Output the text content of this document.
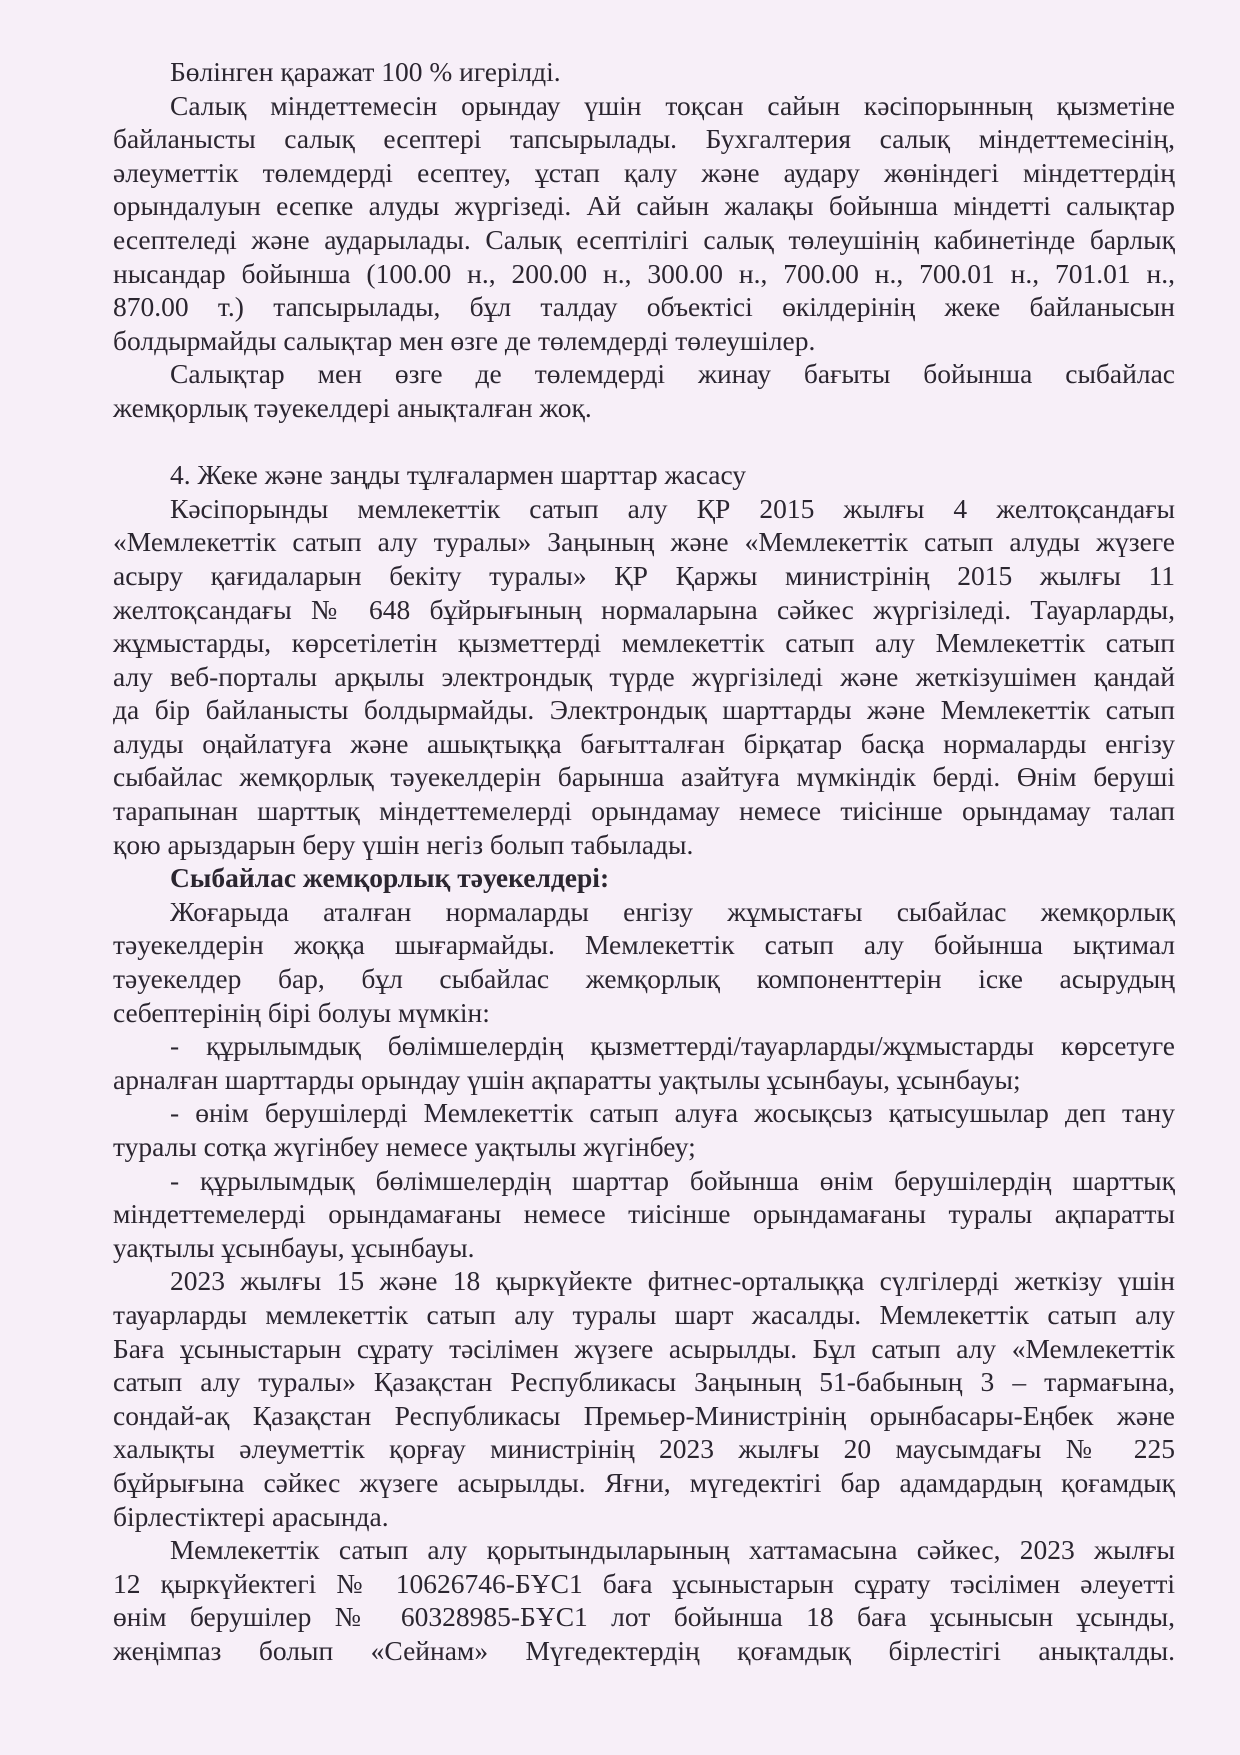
Бөлінген қаражат 100 % игерілді.
Салық міндеттемесін орындау үшін тоқсан сайын кәсіпорынның қызметіне
байланысты салық есептері тапсырылады. Бухгалтерия салық міндеттемесінің,
әлеуметтік төлемдерді есептеу, ұстап қалу және аудару жөніндегі міндеттердің
орындалуын есепке алуды жүргізеді. Ай сайын жалақы бойынша міндетті салықтар
есептеледі және аударылады. Салық есептілігі салық төлеушінің кабинетінде барлық
нысандар бойынша (100.00 н., 200.00 н., 300.00 н., 700.00 н., 700.01 н., 701.01 н.,
870.00 т.) тапсырылады, бұл талдау объектісі өкілдерінің жеке байланысын
болдырмайды салықтар мен өзге де төлемдерді төлеушілер.
Салықтар мен өзге де төлемдерді жинау бағыты бойынша сыбайлас
жемқорлық тәуекелдері анықталған жоқ.
4. Жеке және заңды тұлғалармен шарттар жасасу
Кәсіпорынды мемлекеттік сатып алу ҚР 2015 жылғы 4 желтоқсандағы
«Мемлекеттік сатып алу туралы» Заңының және «Мемлекеттік сатып алуды жүзеге
асыру қағидаларын бекіту туралы» ҚР Қаржы министрінің 2015 жылғы 11
желтоқсандағы № 648 бұйрығының нормаларына сәйкес жүргізіледі. Тауарларды,
жұмыстарды, көрсетілетін қызметтерді мемлекеттік сатып алу Мемлекеттік сатып
алу веб-порталы арқылы электрондық түрде жүргізіледі және жеткізушімен қандай
да бір байланысты болдырмайды. Электрондық шарттарды және Мемлекеттік сатып
алуды оңайлатуға және ашықтыққа бағытталған бірқатар басқа нормаларды енгізу
сыбайлас жемқорлық тәуекелдерін барынша азайтуға мүмкіндік берді. Өнім беруші
тарапынан шарттық міндеттемелерді орындамау немесе тиісінше орындамау талап
қою арыздарын беру үшін негіз болып табылады.
Сыбайлас жемқорлық тәуекелдері:
Жоғарыда аталған нормаларды енгізу жұмыстағы сыбайлас жемқорлық
тәуекелдерін жоққа шығармайды. Мемлекеттік сатып алу бойынша ықтимал
тәуекелдер бар, бұл сыбайлас жемқорлық компоненттерін іске асырудың
себептерінің бірі болуы мүмкін:
- құрылымдық бөлімшелердің қызметтерді/тауарларды/жұмыстарды көрсетуге
арналған шарттарды орындау үшін ақпаратты уақтылы ұсынбауы, ұсынбауы;
- өнім берушілерді Мемлекеттік сатып алуға жосықсыз қатысушылар деп тану
туралы сотқа жүгінбеу немесе уақтылы жүгінбеу;
- құрылымдық бөлімшелердің шарттар бойынша өнім берушілердің шарттық
міндеттемелерді орындамағаны немесе тиісінше орындамағаны туралы ақпаратты
уақтылы ұсынбауы, ұсынбауы.
2023 жылғы 15 және 18 қыркүйекте фитнес-орталыққа сүлгілерді жеткізу үшін
тауарларды мемлекеттік сатып алу туралы шарт жасалды. Мемлекеттік сатып алу
Баға ұсыныстарын сұрату тәсілімен жүзеге асырылды. Бұл сатып алу «Мемлекеттік
сатып алу туралы» Қазақстан Республикасы Заңының 51-бабының 3 – тармағына,
сондай-ақ Қазақстан Республикасы Премьер-Министрінің орынбасары-Еңбек және
халықты әлеуметтік қорғау министрінің 2023 жылғы 20 маусымдағы № 225
бұйрығына сәйкес жүзеге асырылды. Яғни, мүгедектігі бар адамдардың қоғамдық
бірлестіктері арасында.
Мемлекеттік сатып алу қорытындыларының хаттамасына сәйкес, 2023 жылғы
12 қыркүйектегі № 10626746-БҰС1 баға ұсыныстарын сұрату тәсілімен әлеуетті
өнім берушілер № 60328985-БҰС1 лот бойынша 18 баға ұсынысын ұсынды,
жеңімпаз болып «Сейнам» Мүгедектердің қоғамдық бірлестігі анықталды.
